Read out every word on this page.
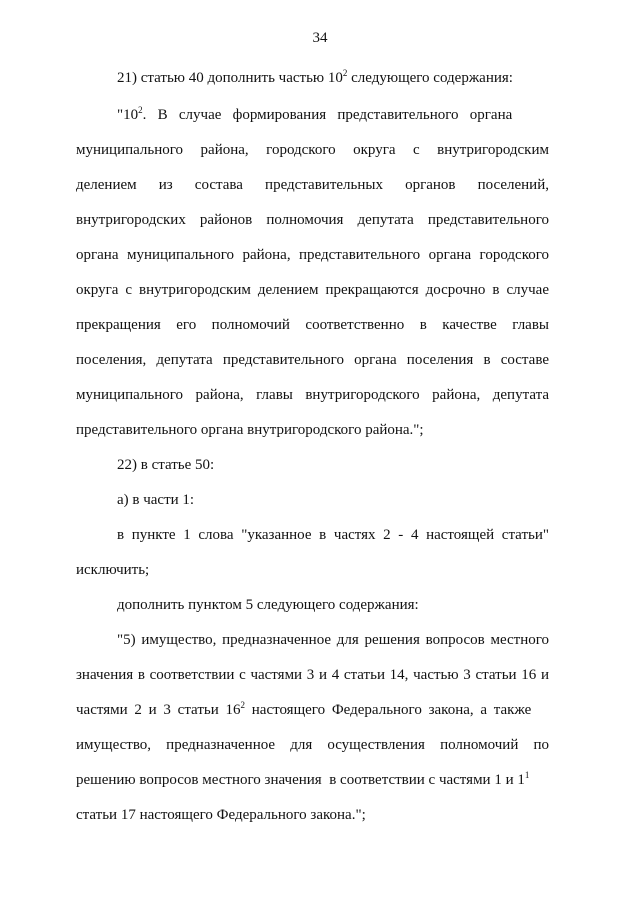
34
21) статью 40 дополнить частью $10^2$ следующего содержания:
"$10^2$.   В   случае   формирования   представительного   органа
муниципального района, городского округа с внутригородским
делением из состава представительных органов поселений,
внутригородских районов полномочия депутата представительного
органа муниципального района, представительного органа городского
округа с внутригородским делением прекращаются досрочно в случае
прекращения его полномочий соответственно в качестве главы
поселения, депутата представительного органа поселения в составе
муниципального района, главы внутригородского района, депутата
представительного органа внутригородского района.";
22) в статье 50:
а) в части 1:
в пункте 1 слова "указанное в частях 2 - 4 настоящей статьи"
исключить;
дополнить пунктом 5 следующего содержания:
"5) имущество, предназначенное для решения вопросов местного
значения в соответствии с частями 3 и 4 статьи 14, частью 3 статьи 16 и
частями 2 и 3 статьи $16^2$ настоящего Федерального закона, а также
имущество, предназначенное для осуществления полномочий по
решению вопросов местного значения  в соответствии с частями 1 и $1^1$
статьи 17 настоящего Федерального закона.";
